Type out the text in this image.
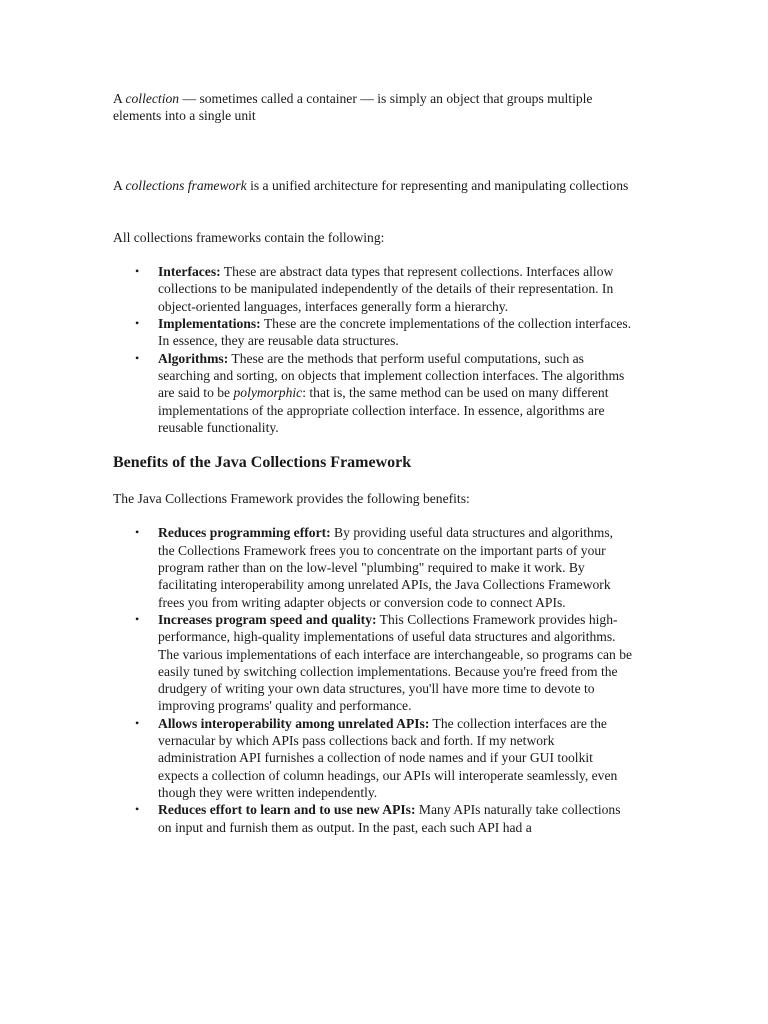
A collection — sometimes called a container — is simply an object that groups multiple elements into a single unit

A collections framework is a unified architecture for representing and manipulating collections

All collections frameworks contain the following:

• Interfaces: These are abstract data types that represent collections. Interfaces allow collections to be manipulated independently of the details of their representation. In object-oriented languages, interfaces generally form a hierarchy.
• Implementations: These are the concrete implementations of the collection interfaces. In essence, they are reusable data structures.
• Algorithms: These are the methods that perform useful computations, such as searching and sorting, on objects that implement collection interfaces. The algorithms are said to be polymorphic: that is, the same method can be used on many different implementations of the appropriate collection interface. In essence, algorithms are reusable functionality.
Benefits of the Java Collections Framework

The Java Collections Framework provides the following benefits:

• Reduces programming effort: By providing useful data structures and algorithms, the Collections Framework frees you to concentrate on the important parts of your program rather than on the low-level "plumbing" required to make it work. By facilitating interoperability among unrelated APIs, the Java Collections Framework frees you from writing adapter objects or conversion code to connect APIs.
• Increases program speed and quality: This Collections Framework provides high-performance, high-quality implementations of useful data structures and algorithms. The various implementations of each interface are interchangeable, so programs can be easily tuned by switching collection implementations. Because you're freed from the drudgery of writing your own data structures, you'll have more time to devote to improving programs' quality and performance.
• Allows interoperability among unrelated APIs: The collection interfaces are the vernacular by which APIs pass collections back and forth. If my network administration API furnishes a collection of node names and if your GUI toolkit expects a collection of column headings, our APIs will interoperate seamlessly, even though they were written independently.
• Reduces effort to learn and to use new APIs: Many APIs naturally take collections on input and furnish them as output. In the past, each such API had a
